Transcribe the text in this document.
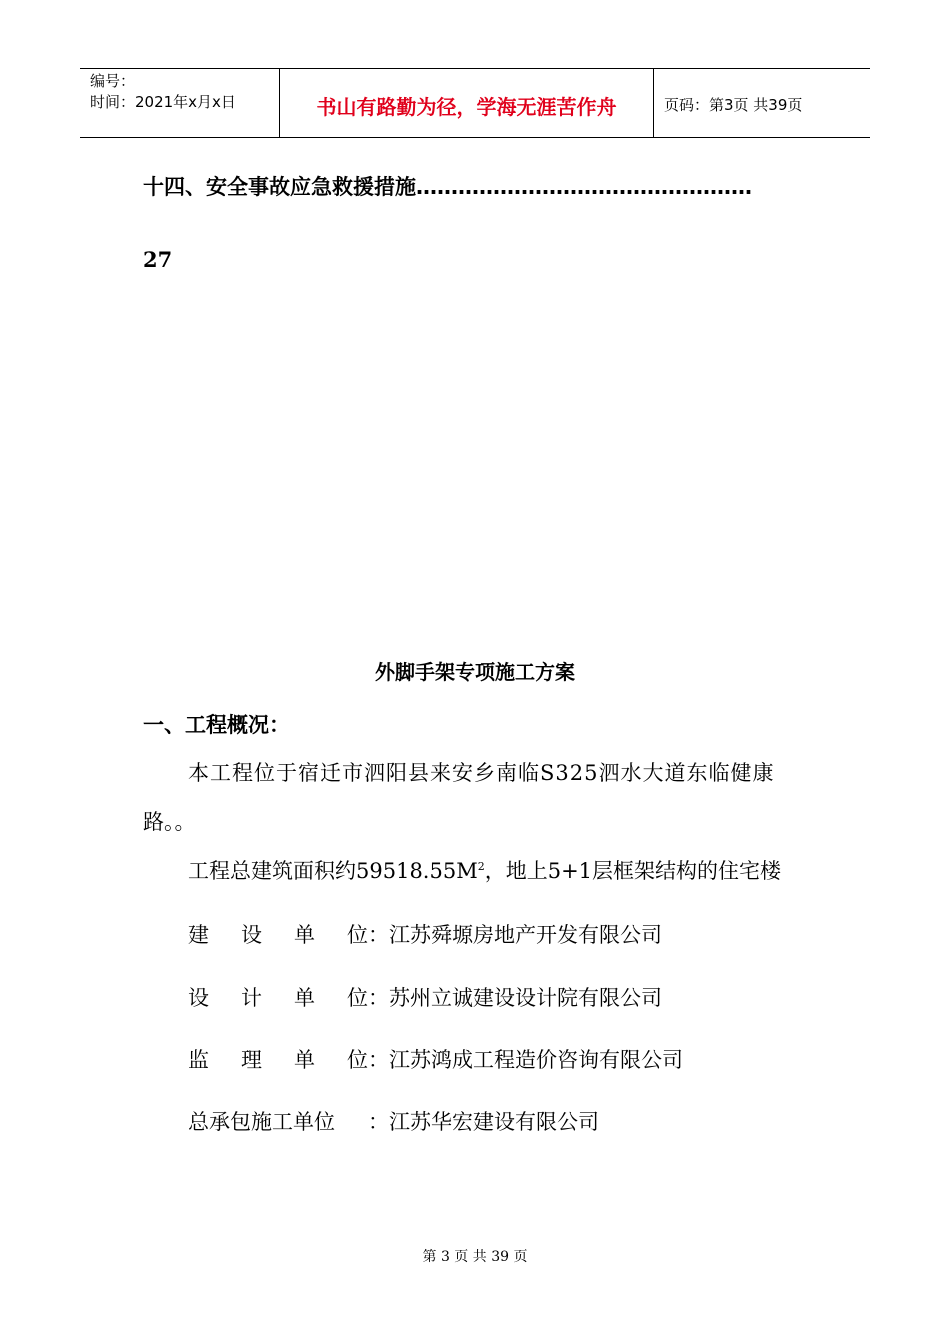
编号：
时间：2021年x月x日	书山有路勤为径，学海无涯苦作舟	页码：第3页 共39页
十四、安全事故应急救援措施…………………………………………
27
外脚手架专项施工方案
一、工程概况：
本工程位于宿迁市泗阳县来安乡南临S325泗水大道东临健康
路。。
工程总建筑面积约$59518.55M^2$，地上5+1层框架结构的住宅楼
建 设 单 位 ： 江苏舜塬房地产开发有限公司
设 计 单 位 ： 苏州立诚建设设计院有限公司
监 理 单 位 ： 江苏鸿成工程造价咨询有限公司
总承包施工单位	： 江苏华宏建设有限公司
第 3 页 共 39 页
